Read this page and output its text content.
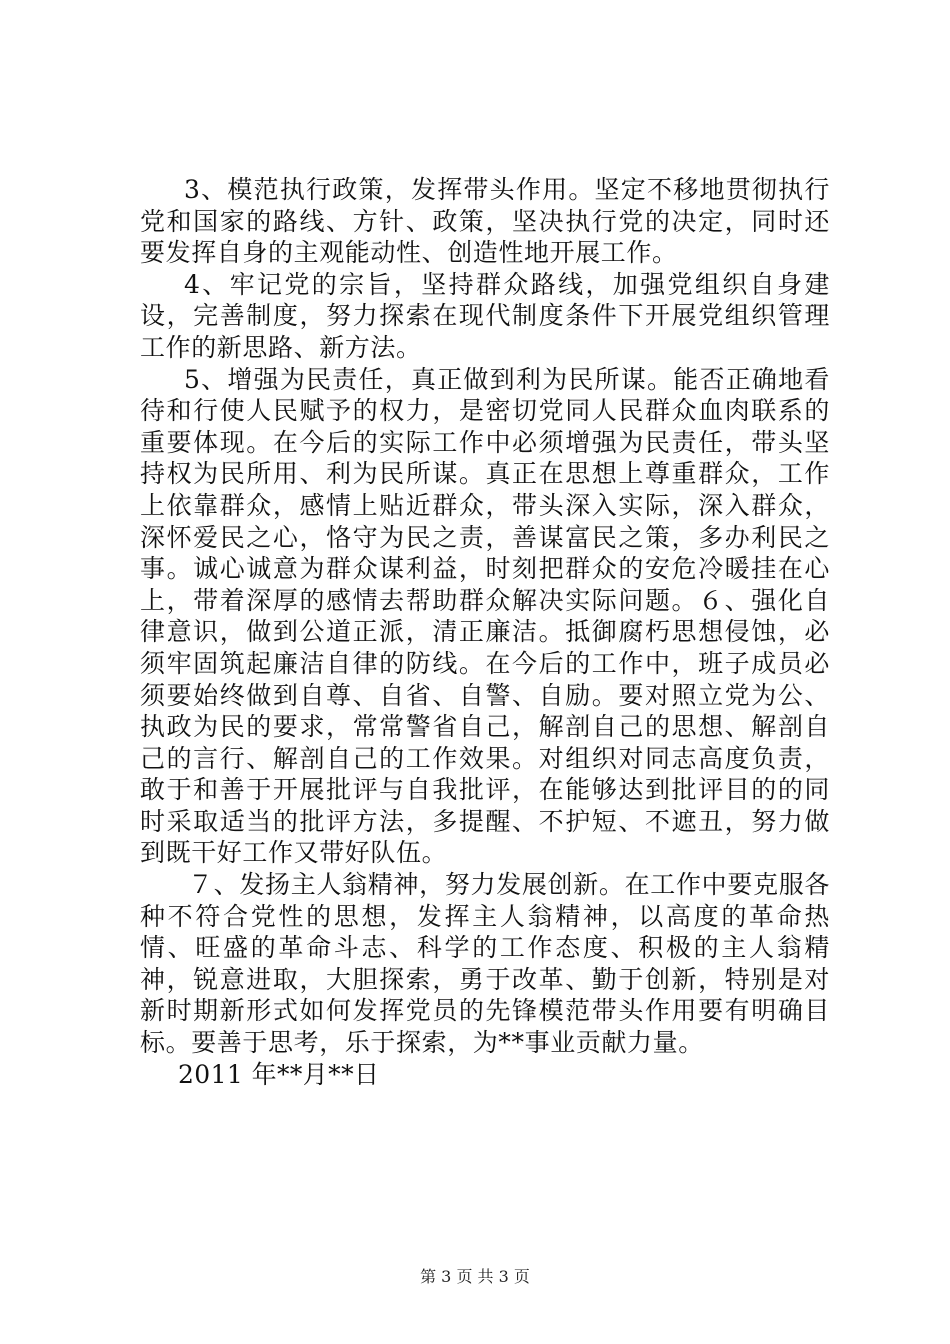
3、模范执行政策，发挥带头作用。坚定不移地贯彻执行党和国家的路线、方针、政策，坚决执行党的决定，同时还要发挥自身的主观能动性、创造性地开展工作。

4、牢记党的宗旨，坚持群众路线，加强党组织自身建设，完善制度，努力探索在现代制度条件下开展党组织管理工作的新思路、新方法。

5、增强为民责任，真正做到利为民所谋。能否正确地看待和行使人民赋予的权力，是密切党同人民群众血肉联系的重要体现。在今后的实际工作中必须增强为民责任，带头坚持权为民所用、利为民所谋。真正在思想上尊重群众，工作上依靠群众，感情上贴近群众，带头深入实际，深入群众，深怀爱民之心，恪守为民之责，善谋富民之策，多办利民之事。诚心诚意为群众谋利益，时刻把群众的安危冷暖挂在心上，带着深厚的感情去帮助群众解决实际问题。６、强化自律意识，做到公道正派，清正廉洁。抵御腐朽思想侵蚀，必须牢固筑起廉洁自律的防线。在今后的工作中，班子成员必须要始终做到自尊、自省、自警、自励。要对照立党为公、执政为民的要求，常常警省自己，解剖自己的思想、解剖自己的言行、解剖自己的工作效果。对组织对同志高度负责，敢于和善于开展批评与自我批评，在能够达到批评目的的同时采取适当的批评方法，多提醒、不护短、不遮丑，努力做到既干好工作又带好队伍。

７、发扬主人翁精神，努力发展创新。在工作中要克服各种不符合党性的思想，发挥主人翁精神，以高度的革命热情、旺盛的革命斗志、科学的工作态度、积极的主人翁精神，锐意进取，大胆探索，勇于改革、勤于创新，特别是对新时期新形式如何发挥党员的先锋模范带头作用要有明确目标。要善于思考，乐于探索，为**事业贡献力量。

2011 年**月**日

第 3 页 共 3 页
